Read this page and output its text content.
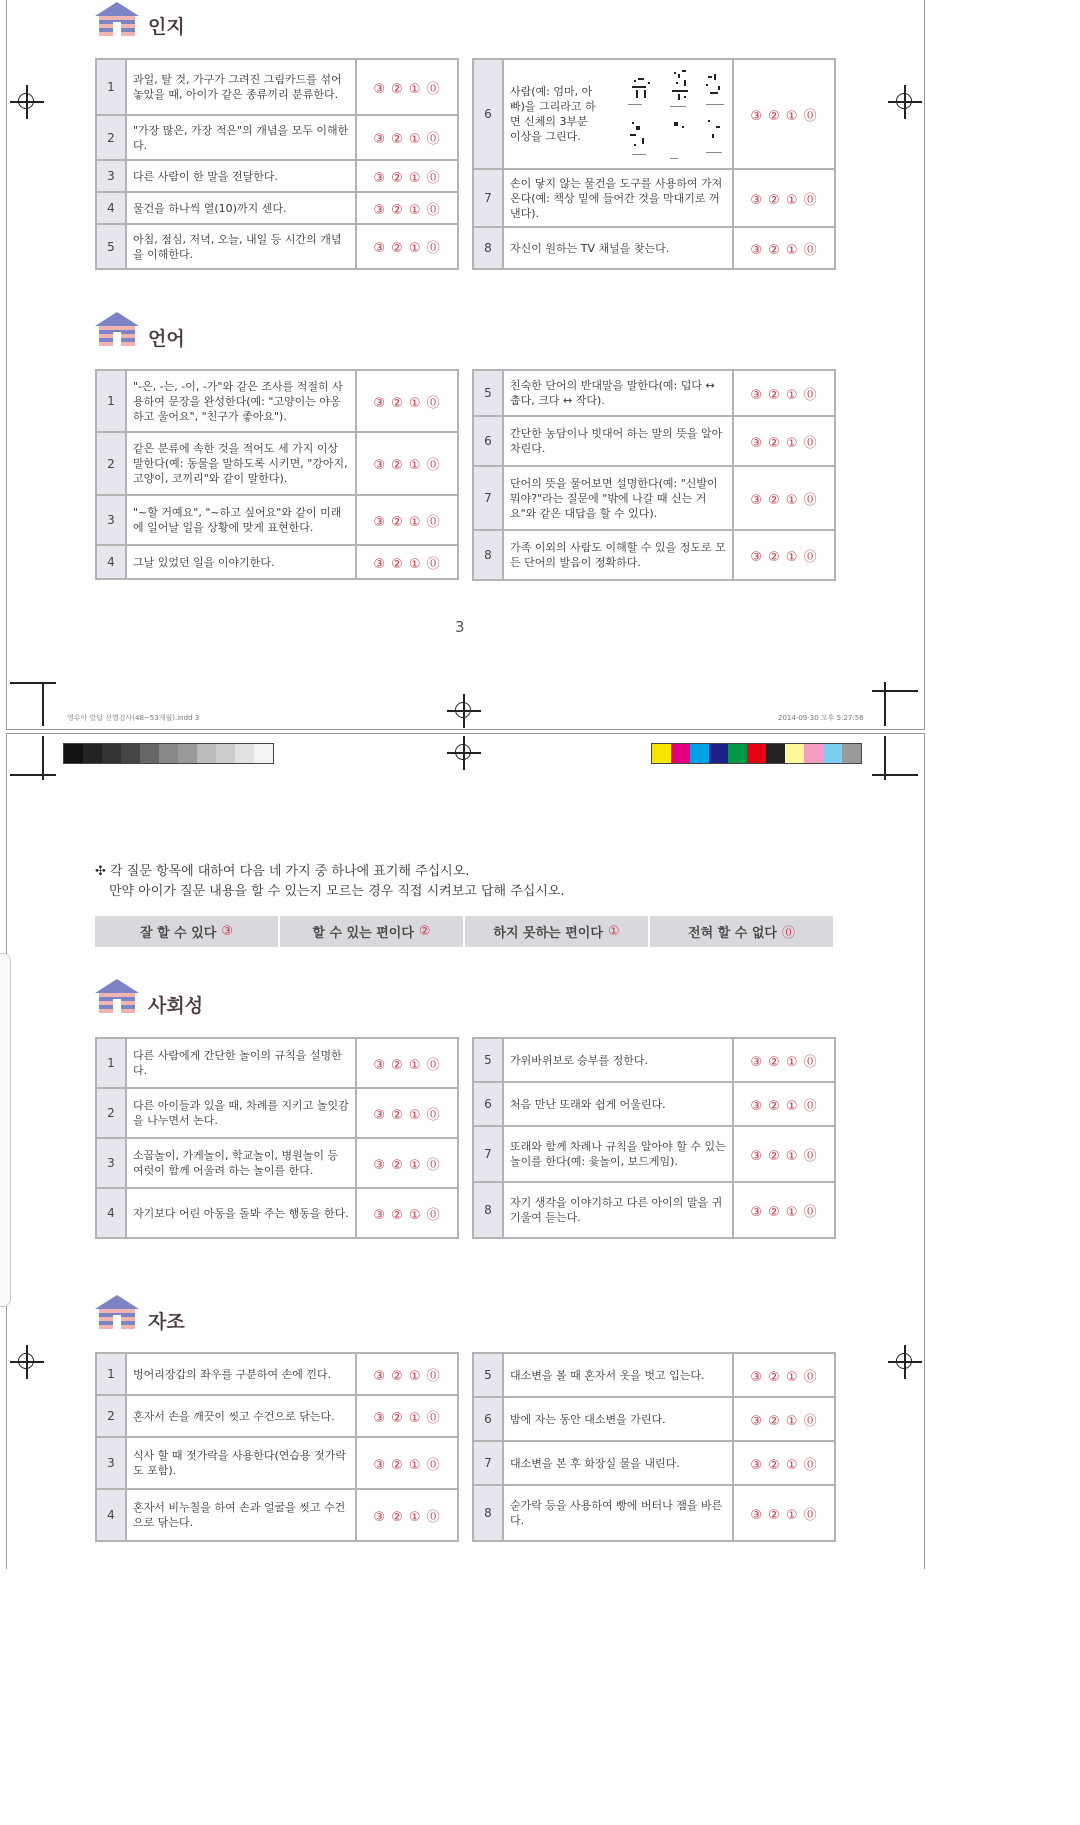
인지
1	과일, 탈 것, 가구가 그려진 그림카드를 섞어 놓았을 때, 아이가 같은 종류끼리 분류한다.	③ ② ① ⓪
2	"가장 많은, 가장 적은"의 개념을 모두 이해한다.	③ ② ① ⓪
3	다른 사람이 한 말을 전달한다.	③ ② ① ⓪
4	물건을 하나씩 열(10)까지 센다.	③ ② ① ⓪
5	아침, 점심, 저녁, 오늘, 내일 등 시간의 개념을 이해한다.	③ ② ① ⓪
6	사람(예: 엄마, 아빠)을 그리라고 하면 신체의 3부분 이상을 그린다.	③ ② ① ⓪
7	손이 닿지 않는 물건을 도구를 사용하여 가져온다(예: 책상 밑에 들어간 것을 막대기로 꺼낸다).	③ ② ① ⓪
8	자신이 원하는 TV 채널을 찾는다.	③ ② ① ⓪
언어
1	"-은, -는, -이, -가"와 같은 조사를 적절히 사용하여 문장을 완성한다(예: "고양이는 야옹하고 울어요", "친구가 좋아요").	③ ② ① ⓪
2	같은 분류에 속한 것을 적어도 세 가지 이상 말한다(예: 동물을 말하도록 시키면, "강아지, 고양이, 코끼리"와 같이 말한다).	③ ② ① ⓪
3	"~할 거예요", "~하고 싶어요"와 같이 미래에 일어날 일을 상황에 맞게 표현한다.	③ ② ① ⓪
4	그날 있었던 일을 이야기한다.	③ ② ① ⓪
5	친숙한 단어의 반대말을 말한다(예: 덥다 ↔ 춥다, 크다 ↔ 작다).	③ ② ① ⓪
6	간단한 농담이나 빗대어 하는 말의 뜻을 알아차린다.	③ ② ① ⓪
7	단어의 뜻을 물어보면 설명한다(예: "신발이 뭐야?"라는 질문에 "밖에 나갈 때 신는 거요"와 같은 대답을 할 수 있다).	③ ② ① ⓪
8	가족 이외의 사람도 이해할 수 있을 정도로 모든 단어의 발음이 정확하다.	③ ② ① ⓪
3
영유아 발달 선별검사(48~53개월).indd 3	2014-09-30 오후 5:27:56
✣ 각 질문 항목에 대하여 다음 네 가지 중 하나에 표기해 주십시오.
만약 아이가 질문 내용을 할 수 있는지 모르는 경우 직접 시켜보고 답해 주십시오.
잘 할 수 있다 ③	할 수 있는 편이다 ②	하지 못하는 편이다 ①	전혀 할 수 없다 ⓪
사회성
1	다른 사람에게 간단한 놀이의 규칙을 설명한다.	③ ② ① ⓪
2	다른 아이들과 있을 때, 차례를 지키고 놀잇감을 나누면서 논다.	③ ② ① ⓪
3	소꿉놀이, 가게놀이, 학교놀이, 병원놀이 등 여럿이 함께 어울려 하는 놀이를 한다.	③ ② ① ⓪
4	자기보다 어린 아동을 돌봐 주는 행동을 한다.	③ ② ① ⓪
5	가위바위보로 승부를 정한다.	③ ② ① ⓪
6	처음 만난 또래와 쉽게 어울린다.	③ ② ① ⓪
7	또래와 함께 차례나 규칙을 알아야 할 수 있는 놀이를 한다(예: 윷놀이, 보드게임).	③ ② ① ⓪
8	자기 생각을 이야기하고 다른 아이의 말을 귀 기울여 듣는다.	③ ② ① ⓪
자조
1	벙어리장갑의 좌우를 구분하여 손에 낀다.	③ ② ① ⓪
2	혼자서 손을 깨끗이 씻고 수건으로 닦는다.	③ ② ① ⓪
3	식사 할 때 젓가락을 사용한다(연습용 젓가락도 포함).	③ ② ① ⓪
4	혼자서 비누칠을 하여 손과 얼굴을 씻고 수건으로 닦는다.	③ ② ① ⓪
5	대소변을 볼 때 혼자서 옷을 벗고 입는다.	③ ② ① ⓪
6	밤에 자는 동안 대소변을 가린다.	③ ② ① ⓪
7	대소변을 본 후 화장실 물을 내린다.	③ ② ① ⓪
8	숟가락 등을 사용하여 빵에 버터나 잼을 바른다.	③ ② ① ⓪
